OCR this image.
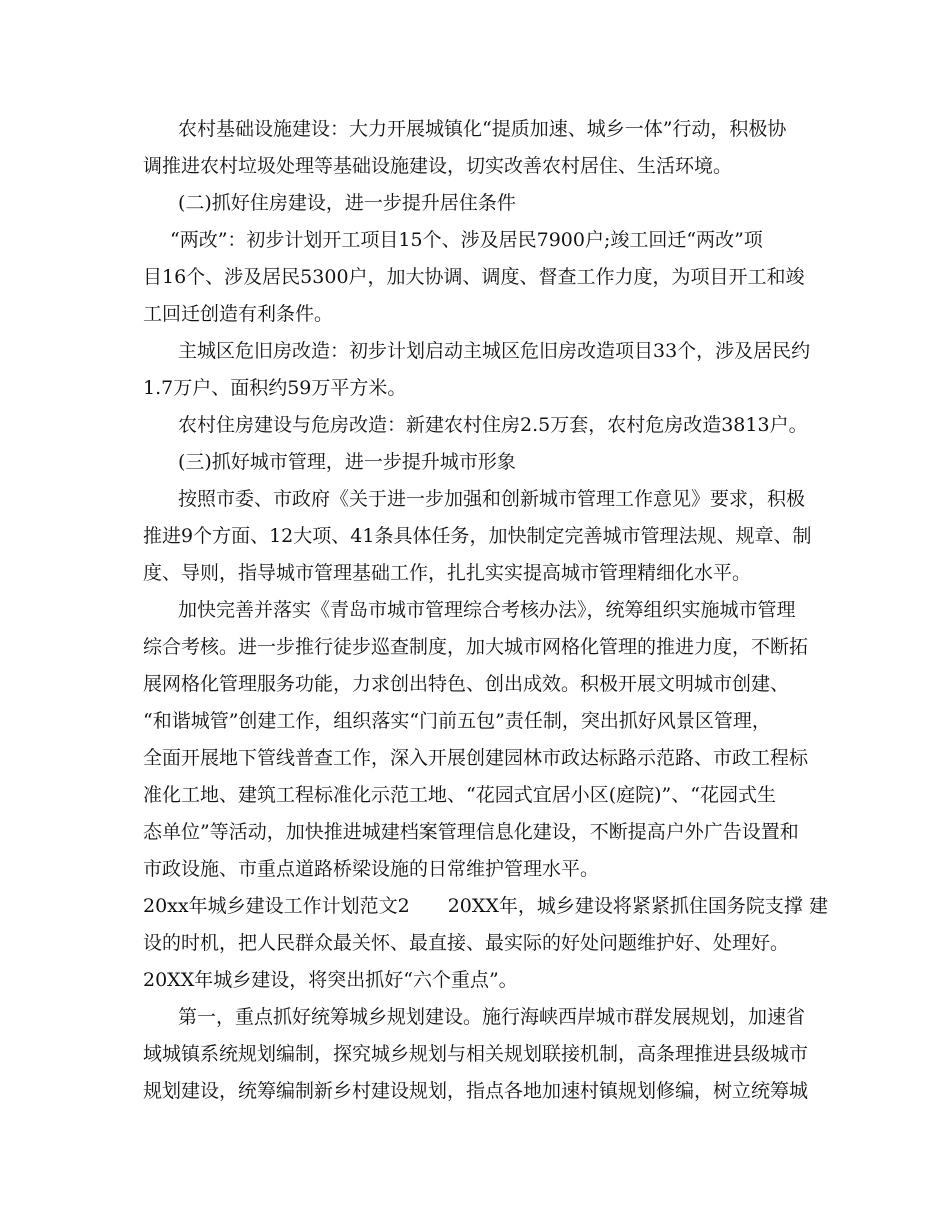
农村基础设施建设：大力开展城镇化“提质加速、城乡一体”行动，积极协

调推进农村垃圾处理等基础设施建设，切实改善农村居住、生活环境。

(二)抓好住房建设，进一步提升居住条件

“两改”：初步计划开工项目15个、涉及居民7900户;竣工回迁“两改”项

目16个、涉及居民5300户，加大协调、调度、督查工作力度，为项目开工和竣

工回迁创造有利条件。

主城区危旧房改造：初步计划启动主城区危旧房改造项目33个，涉及居民约

1.7万户、面积约59万平方米。

农村住房建设与危房改造：新建农村住房2.5万套，农村危房改造3813户。

(三)抓好城市管理，进一步提升城市形象

按照市委、市政府《关于进一步加强和创新城市管理工作意见》要求，积极

推进9个方面、12大项、41条具体任务，加快制定完善城市管理法规、规章、制

度、导则，指导城市管理基础工作，扎扎实实提高城市管理精细化水平。

加快完善并落实《青岛市城市管理综合考核办法》，统筹组织实施城市管理

综合考核。进一步推行徒步巡查制度，加大城市网格化管理的推进力度，不断拓

展网格化管理服务功能，力求创出特色、创出成效。积极开展文明城市创建、

“和谐城管”创建工作，组织落实“门前五包”责任制，突出抓好风景区管理，

全面开展地下管线普查工作，深入开展创建园林市政达标路示范路、市政工程标

准化工地、建筑工程标准化示范工地、“花园式宜居小区(庭院)”、“花园式生

态单位”等活动，加快推进城建档案管理信息化建设，不断提高户外广告设置和

市政设施、市重点道路桥梁设施的日常维护管理水平。

20xx年城乡建设工作计划范文2　　20XX年，城乡建设将紧紧抓住国务院支撑 建

设的时机，把人民群众最关怀、最直接、最实际的好处问题维护好、处理好。

20XX年城乡建设，将突出抓好“六个重点”。

第一，重点抓好统筹城乡规划建设。施行海峡西岸城市群发展规划，加速省

域城镇系统规划编制，探究城乡规划与相关规划联接机制，高条理推进县级城市

规划建设，统筹编制新乡村建设规划，指点各地加速村镇规划修编，树立统筹城
